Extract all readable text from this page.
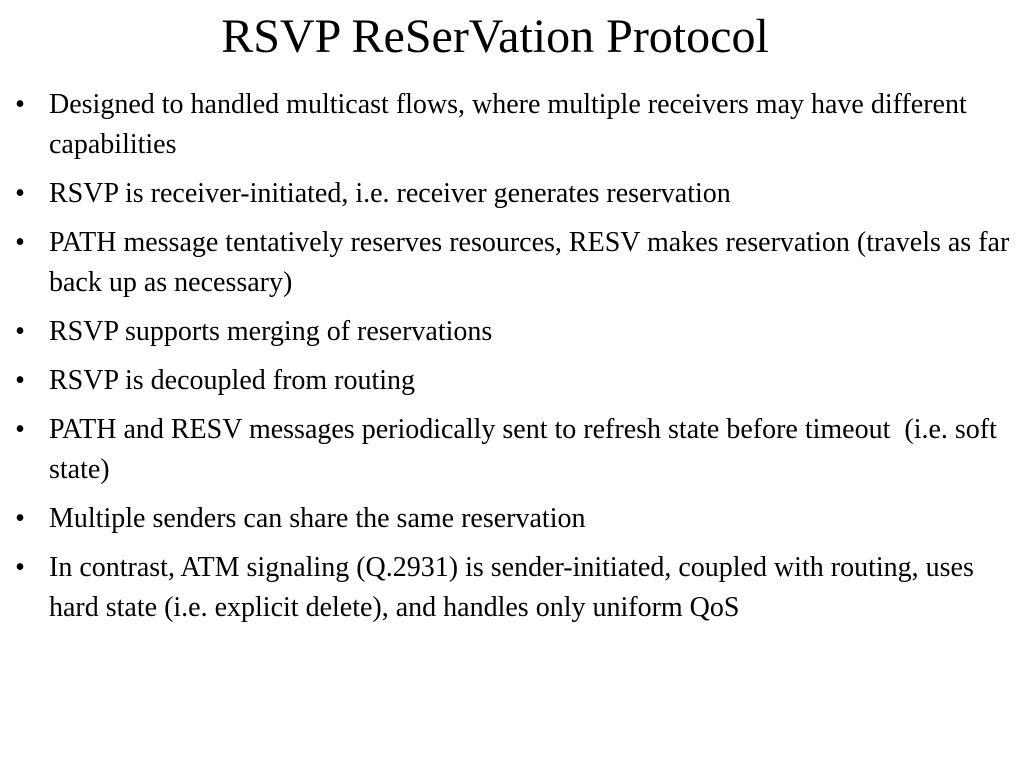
RSVP ReSerVation Protocol
• Designed to handled multicast flows, where multiple receivers may have different capabilities
• RSVP is receiver-initiated, i.e. receiver generates reservation
• PATH message tentatively reserves resources, RESV makes reservation (travels as far back up as necessary)
• RSVP supports merging of reservations
• RSVP is decoupled from routing
• PATH and RESV messages periodically sent to refresh state before timeout  (i.e. soft state)
• Multiple senders can share the same reservation
• In contrast, ATM signaling (Q.2931) is sender-initiated, coupled with routing, uses hard state (i.e. explicit delete), and handles only uniform QoS
